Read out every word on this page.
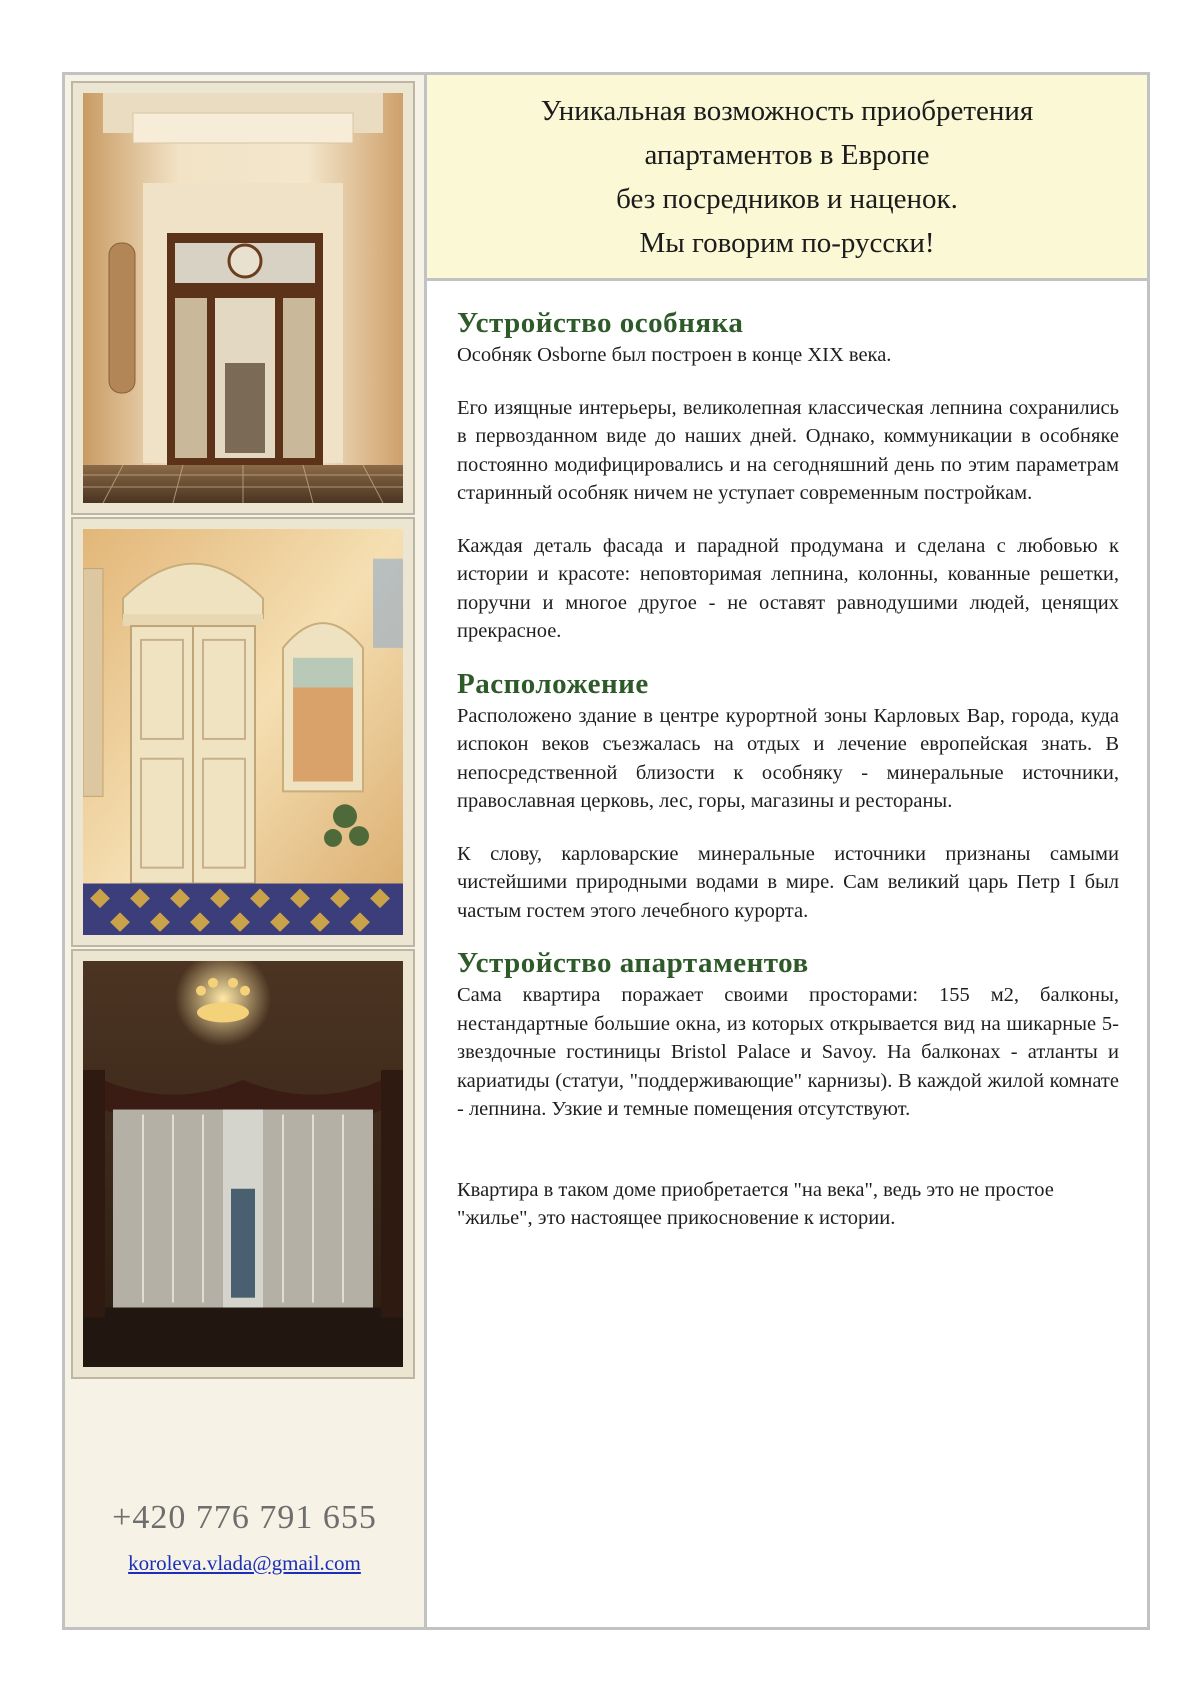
+420 776 791 655
koroleva.vlada@gmail.com
Уникальная возможность приобретения
апартаментов в Европе
без посредников и наценок.
Мы говорим по-русски!
Устройство особняка

Особняк Osborne был построен в конце XIX века.

Его изящные интерьеры, великолепная классическая лепнина сохранились в первозданном виде до наших дней. Однако, коммуникации в особняке постоянно модифицировались и на сегодняшний день по этим параметрам старинный особняк ничем не уступает современным постройкам.

Каждая деталь фасада и парадной продумана и сделана с любовью к истории и красоте: неповторимая лепнина, колонны, кованные решетки, поручни и многое другое - не оставят равнодушими людей, ценящих прекрасное.

Расположение

Расположено здание в центре курортной зоны Карловых Вар, города, куда испокон веков съезжалась на отдых и лечение европейская знать. В непосредственной близости к особняку - минеральные источники, православная церковь, лес, горы, магазины и рестораны.

К слову, карловарские минеральные источники признаны самыми чистейшими природными водами в мире. Сам великий царь Петр I был частым гостем этого лечебного курорта.

Устройство апартаментов

Сама квартира поражает своими просторами: 155 м2, балконы, нестандартные большие окна, из которых открывается вид на шикарные 5-звездочные гостиницы Bristol Palace и Savoy. На балконах - атланты и кариатиды (статуи, "поддерживающие" карнизы). В каждой жилой комнате - лепнина. Узкие и темные помещения отсутствуют.

Квартира в таком доме приобретается "на века", ведь это не простое "жилье", это настоящее прикосновение к истории.
